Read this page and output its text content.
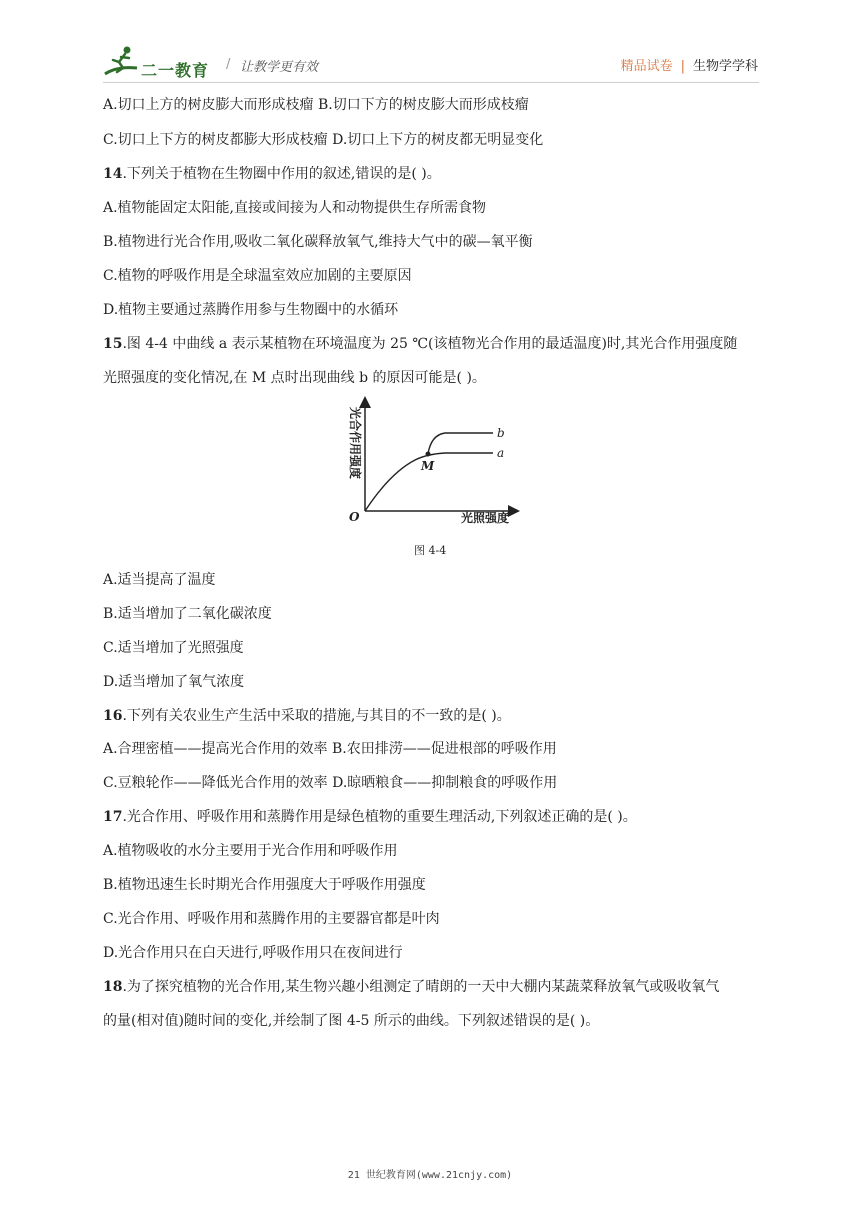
二一教育 / 让教学更有效	精品试卷 | 生物学学科
A.切口上方的树皮膨大而形成枝瘤 B.切口下方的树皮膨大而形成枝瘤
C.切口上下方的树皮都膨大形成枝瘤 D.切口上下方的树皮都无明显变化
14.下列关于植物在生物圈中作用的叙述,错误的是( )。
A.植物能固定太阳能,直接或间接为人和动物提供生存所需食物
B.植物进行光合作用,吸收二氧化碳释放氧气,维持大气中的碳—氧平衡
C.植物的呼吸作用是全球温室效应加剧的主要原因
D.植物主要通过蒸腾作用参与生物圈中的水循环
15.图 4-4 中曲线 a 表示某植物在环境温度为 25 ℃(该植物光合作用的最适温度)时,其光合作用强度随
光照强度的变化情况,在 M 点时出现曲线 b 的原因可能是( )。
光合作用强度
光照强度
O
M
a
b
图 4-4
A.适当提高了温度
B.适当增加了二氧化碳浓度
C.适当增加了光照强度
D.适当增加了氧气浓度
16.下列有关农业生产生活中采取的措施,与其目的不一致的是( )。
A.合理密植——提高光合作用的效率 B.农田排涝——促进根部的呼吸作用
C.豆粮轮作——降低光合作用的效率 D.晾晒粮食——抑制粮食的呼吸作用
17.光合作用、呼吸作用和蒸腾作用是绿色植物的重要生理活动,下列叙述正确的是( )。
A.植物吸收的水分主要用于光合作用和呼吸作用
B.植物迅速生长时期光合作用强度大于呼吸作用强度
C.光合作用、呼吸作用和蒸腾作用的主要器官都是叶肉
D.光合作用只在白天进行,呼吸作用只在夜间进行
18.为了探究植物的光合作用,某生物兴趣小组测定了晴朗的一天中大棚内某蔬菜释放氧气或吸收氧气
的量(相对值)随时间的变化,并绘制了图 4-5 所示的曲线。下列叙述错误的是( )。
21 世纪教育网(www.21cnjy.com)
